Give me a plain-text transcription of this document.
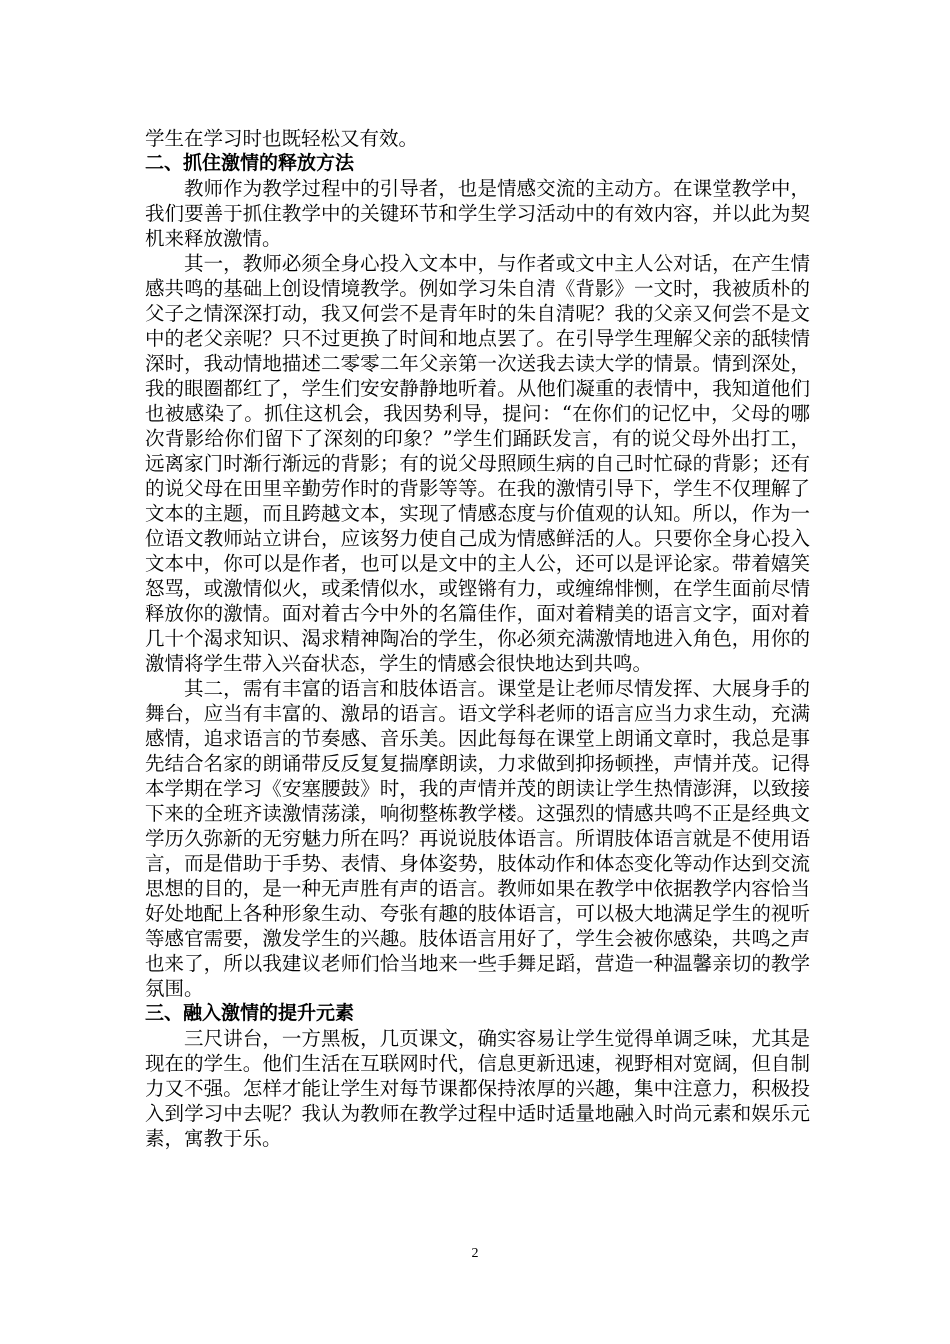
学生在学习时也既轻松又有效。

二、抓住激情的释放方法

教师作为教学过程中的引导者，也是情感交流的主动方。在课堂教学中，我们要善于抓住教学中的关键环节和学生学习活动中的有效内容，并以此为契机来释放激情。

其一，教师必须全身心投入文本中，与作者或文中主人公对话，在产生情感共鸣的基础上创设情境教学。例如学习朱自清《背影》一文时，我被质朴的父子之情深深打动，我又何尝不是青年时的朱自清呢？我的父亲又何尝不是文中的老父亲呢？只不过更换了时间和地点罢了。在引导学生理解父亲的舐犊情深时，我动情地描述二零零二年父亲第一次送我去读大学的情景。情到深处，我的眼圈都红了，学生们安安静静地听着。从他们凝重的表情中，我知道他们也被感染了。抓住这机会，我因势利导，提问：“在你们的记忆中，父母的哪次背影给你们留下了深刻的印象？”学生们踊跃发言，有的说父母外出打工，远离家门时渐行渐远的背影；有的说父母照顾生病的自己时忙碌的背影；还有的说父母在田里辛勤劳作时的背影等等。在我的激情引导下，学生不仅理解了文本的主题，而且跨越文本，实现了情感态度与价值观的认知。所以，作为一位语文教师站立讲台，应该努力使自己成为情感鲜活的人。只要你全身心投入文本中，你可以是作者，也可以是文中的主人公，还可以是评论家。带着嬉笑怒骂，或激情似火，或柔情似水，或铿锵有力，或缠绵悱恻，在学生面前尽情释放你的激情。面对着古今中外的名篇佳作，面对着精美的语言文字，面对着几十个渴求知识、渴求精神陶冶的学生，你必须充满激情地进入角色，用你的激情将学生带入兴奋状态，学生的情感会很快地达到共鸣。

其二，需有丰富的语言和肢体语言。课堂是让老师尽情发挥、大展身手的舞台，应当有丰富的、激昂的语言。语文学科老师的语言应当力求生动，充满感情，追求语言的节奏感、音乐美。因此每每在课堂上朗诵文章时，我总是事先结合名家的朗诵带反反复复揣摩朗读，力求做到抑扬顿挫，声情并茂。记得本学期在学习《安塞腰鼓》时，我的声情并茂的朗读让学生热情澎湃，以致接下来的全班齐读激情荡漾，响彻整栋教学楼。这强烈的情感共鸣不正是经典文学历久弥新的无穷魅力所在吗？再说说肢体语言。所谓肢体语言就是不使用语言，而是借助于手势、表情、身体姿势，肢体动作和体态变化等动作达到交流思想的目的，是一种无声胜有声的语言。教师如果在教学中依据教学内容恰当好处地配上各种形象生动、夸张有趣的肢体语言，可以极大地满足学生的视听等感官需要，激发学生的兴趣。肢体语言用好了，学生会被你感染，共鸣之声也来了，所以我建议老师们恰当地来一些手舞足蹈，营造一种温馨亲切的教学氛围。

三、融入激情的提升元素

三尺讲台，一方黑板，几页课文，确实容易让学生觉得单调乏味，尤其是现在的学生。他们生活在互联网时代，信息更新迅速，视野相对宽阔，但自制力又不强。怎样才能让学生对每节课都保持浓厚的兴趣，集中注意力，积极投入到学习中去呢？我认为教师在教学过程中适时适量地融入时尚元素和娱乐元素，寓教于乐。

2
